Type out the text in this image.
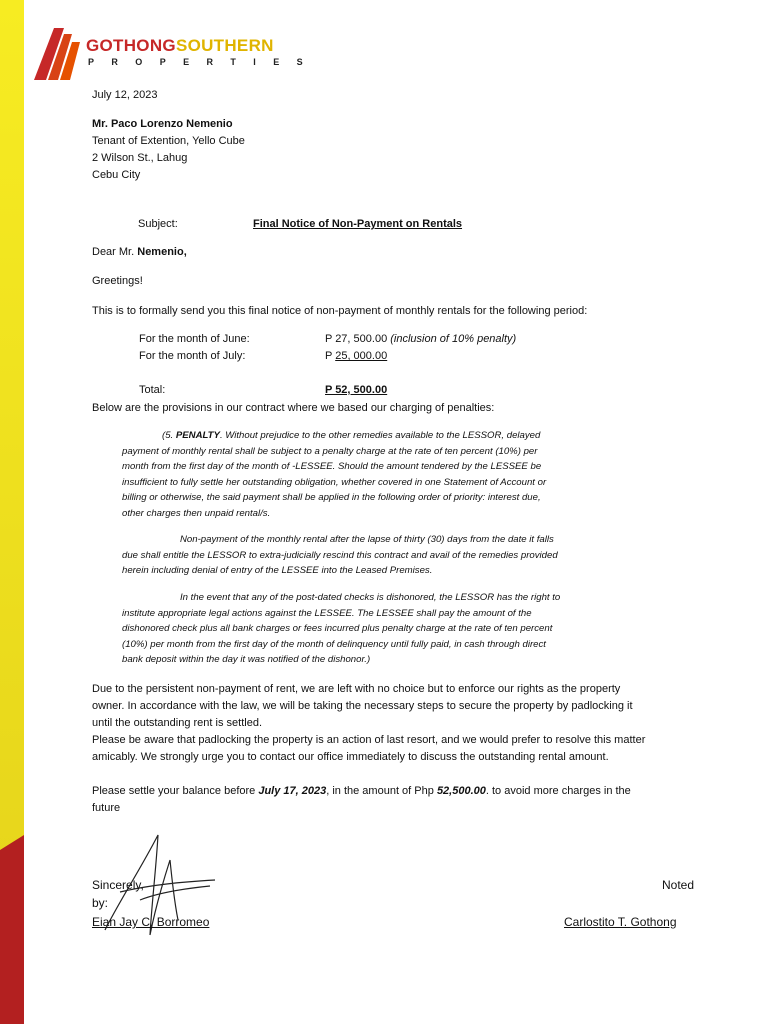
GOTHONGSOUTHERN
PROPERTIES
July 12, 2023
Mr. Paco Lorenzo Nemenio
Tenant of Extention, Yello Cube
2 Wilson St., Lahug
Cebu City
Subject:	Final Notice of Non-Payment on Rentals
Dear Mr. Nemenio,
Greetings!
This is to formally send you this final notice of non-payment of monthly rentals for the following period:
For the month of June:	P 27, 500.00 (inclusion of 10% penalty)
For the month of July:	P 25, 000.00
Total:	P 52, 500.00
Below are the provisions in our contract where we based our charging of penalties:
(5. PENALTY. Without prejudice to the other remedies available to the LESSOR, delayed
payment of monthly rental shall be subject to a penalty charge at the rate of ten percent (10%) per
month from the first day of the month of -LESSEE. Should the amount tendered by the LESSEE be
insufficient to fully settle her outstanding obligation, whether covered in one Statement of Account or
billing or otherwise, the said payment shall be applied in the following order of priority: interest due,
other charges then unpaid rental/s.
Non-payment of the monthly rental after the lapse of thirty (30) days from the date it falls
due shall entitle the LESSOR to extra-judicially rescind this contract and avail of the remedies provided
herein including denial of entry of the LESSEE into the Leased Premises.
In the event that any of the post-dated checks is dishonored, the LESSOR has the right to
institute appropriate legal actions against the LESSEE. The LESSEE shall pay the amount of the
dishonored check plus all bank charges or fees incurred plus penalty charge at the rate of ten percent
(10%) per month from the first day of the month of delinquency until fully paid, in cash through direct
bank deposit within the day it was notified of the dishonor.)
Due to the persistent non-payment of rent, we are left with no choice but to enforce our rights as the property
owner. In accordance with the law, we will be taking the necessary steps to secure the property by padlocking it
until the outstanding rent is settled.
Please be aware that padlocking the property is an action of last resort, and we would prefer to resolve this matter
amicably. We strongly urge you to contact our office immediately to discuss the outstanding rental amount.
Please settle your balance before July 17, 2023, in the amount of Php 52,500.00. to avoid more charges in the
future
Sincerely,
by:
Eian Jay C. Borromeo
Noted
Carlostito T. Gothong
